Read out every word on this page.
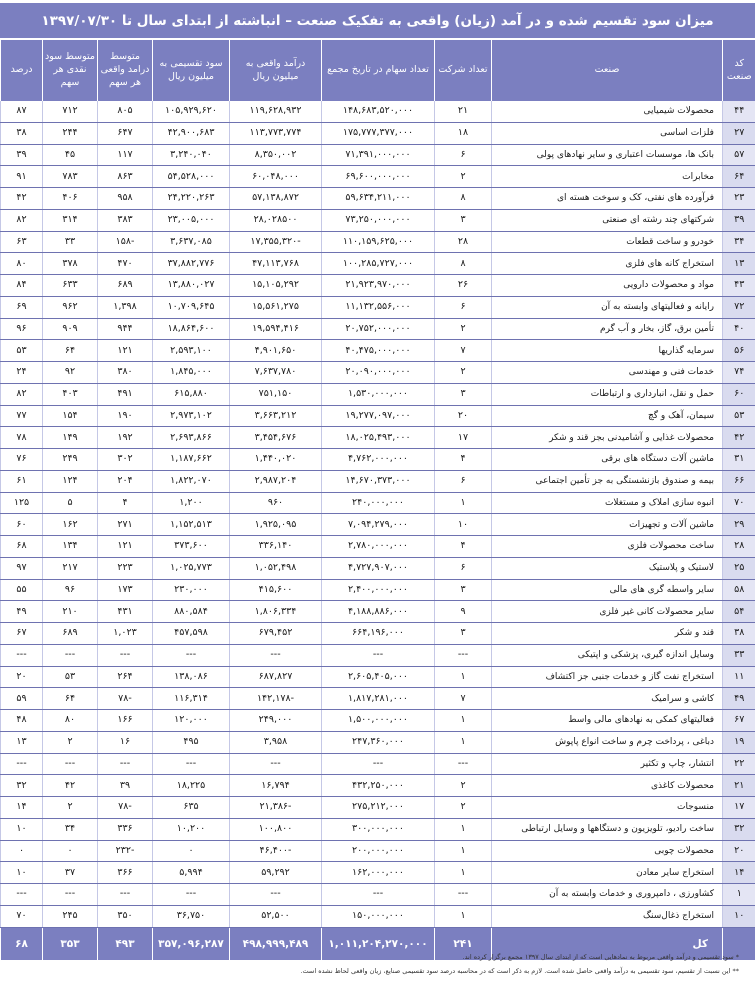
میزان سود تقسیم شده و در آمد (زیان) واقعی به تفکیک صنعت – انباشته از ابتدای سال تا ۱۳۹۷/۰۷/۳۰
کد صنعت	صنعت	تعداد شرکت	تعداد سهام در تاریخ مجمع	درآمد واقعی به میلیون ریال	سود تقسیمی به میلیون ریال	متوسط درامد واقعی هر سهم	متوسط سود نقدی هر سهم	درصد
۴۴	محصولات شیمیایی	۲۱	۱۴۸,۶۸۳,۵۲۰,۰۰۰	۱۱۹,۶۲۸,۹۳۲	۱۰۵,۹۲۹,۶۲۰	۸۰۵	۷۱۲	۸۷
۲۷	فلزات اساسی	۱۸	۱۷۵,۷۷۷,۳۷۷,۰۰۰	۱۱۳,۷۷۳,۷۷۴	۴۲,۹۰۰,۶۸۳	۶۴۷	۲۴۴	۳۸
۵۷	بانک ها، موسسات اعتباری و سایر نهادهای پولی	۶	۷۱,۳۹۱,۰۰۰,۰۰۰	۸,۳۵۰,۰۰۲	۳,۲۴۰,۰۴۰	۱۱۷	۴۵	۳۹
۶۴	مخابرات	۲	۶۹,۶۰۰,۰۰۰,۰۰۰	۶۰,۰۴۸,۰۰۰	۵۴,۵۲۸,۰۰۰	۸۶۳	۷۸۳	۹۱
۲۳	فرآورده های نفتی، کک و سوخت هسته ای	۸	۵۹,۶۳۴,۲۱۱,۰۰۰	۵۷,۱۳۸,۸۷۲	۲۴,۲۲۰,۲۶۳	۹۵۸	۴۰۶	۴۲
۳۹	شرکتهای چند رشته ای صنعتی	۳	۷۳,۲۵۰,۰۰۰,۰۰۰	۲۸,۰۲۸۵۰۰	۲۳,۰۰۵,۰۰۰	۳۸۳	۳۱۴	۸۲
۳۴	خودرو و ساخت قطعات	۲۸	۱۱۰,۱۵۹,۶۲۵,۰۰۰	-۱۷,۳۵۵,۳۲۰	۳,۶۳۷,۰۸۵	-۱۵۸	۳۳	۶۳
۱۳	استخراج کانه های فلزی	۸	۱۰۰,۲۸۵,۷۲۷,۰۰۰	۴۷,۱۱۳,۷۶۸	۳۷,۸۸۲,۷۷۶	۴۷۰	۳۷۸	۸۰
۴۳	مواد و محصولات دارویی	۲۶	۲۱,۹۲۳,۹۷۰,۰۰۰	۱۵,۱۰۵,۲۹۲	۱۳,۸۸۰,۰۲۷	۶۸۹	۶۳۳	۸۴
۷۲	رایانه و فعالیتهای وابسته به آن	۶	۱۱,۱۳۲,۵۵۶,۰۰۰	۱۵,۵۶۱,۲۷۵	۱۰,۷۰۹,۶۴۵	۱,۳۹۸	۹۶۲	۶۹
۴۰	تأمین برق، گاز، بخار و آب گرم	۲	۲۰,۷۵۲,۰۰۰,۰۰۰	۱۹,۵۹۴,۴۱۶	۱۸,۸۶۴,۶۰۰	۹۴۴	۹۰۹	۹۶
۵۶	سرمایه گذاریها	۷	۴۰,۴۷۵,۰۰۰,۰۰۰	۴,۹۰۱,۶۵۰	۲,۵۹۳,۱۰۰	۱۲۱	۶۴	۵۳
۷۴	خدمات فنی و مهندسی	۲	۲۰,۰۹۰,۰۰۰,۰۰۰	۷,۶۳۷,۷۸۰	۱,۸۴۵,۰۰۰	۳۸۰	۹۲	۲۴
۶۰	حمل و نقل، انبارداری و ارتباطات	۳	۱,۵۳۰,۰۰۰,۰۰۰	۷۵۱,۱۵۰	۶۱۵,۸۸۰	۴۹۱	۴۰۳	۸۲
۵۳	سیمان، آهک و گچ	۲۰	۱۹,۲۷۷,۰۹۷,۰۰۰	۳,۶۶۳,۲۱۲	۲,۹۷۳,۱۰۲	۱۹۰	۱۵۴	۷۷
۴۲	محصولات غذایی و آشامیدنی بجز قند و شکر	۱۷	۱۸,۰۲۵,۴۹۳,۰۰۰	۳,۴۵۴,۶۷۶	۲,۶۹۳,۸۶۶	۱۹۲	۱۴۹	۷۸
۳۱	ماشین آلات دستگاه های برقی	۴	۴,۷۶۲,۰۰۰,۰۰۰	۱,۴۴۰,۰۲۰	۱,۱۸۷,۶۶۲	۳۰۲	۲۴۹	۷۶
۶۶	بیمه و صندوق بازنشستگی به جز تأمین اجتماعی	۶	۱۴,۶۷۰,۳۷۳,۰۰۰	۲,۹۸۷,۲۰۴	۱,۸۲۲,۰۷۰	۲۰۴	۱۲۴	۶۱
۷۰	انبوه سازی املاک و مستغلات	۱	۲۴۰,۰۰۰,۰۰۰	۹۶۰	۱,۲۰۰	۴	۵	۱۲۵
۲۹	ماشین آلات و تجهیزات	۱۰	۷,۰۹۴,۲۷۹,۰۰۰	۱,۹۲۵,۰۹۵	۱,۱۵۲,۵۱۳	۲۷۱	۱۶۲	۶۰
۲۸	ساخت محصولات فلزی	۴	۲,۷۸۰,۰۰۰,۰۰۰	۳۳۶,۱۴۰	۳۷۳,۶۰۰	۱۲۱	۱۳۴	۶۸
۲۵	لاستیک و پلاستیک	۶	۴,۷۲۷,۹۰۷,۰۰۰	۱,۰۵۲,۴۹۸	۱,۰۲۵,۷۷۳	۲۲۳	۲۱۷	۹۷
۵۸	سایر واسطه گری های مالی	۳	۲,۴۰۰,۰۰۰,۰۰۰	۴۱۵,۶۰۰	۲۳۰,۰۰۰	۱۷۳	۹۶	۵۵
۵۴	سایر محصولات کانی غیر فلزی	۹	۴,۱۸۸,۸۸۶,۰۰۰	۱,۸۰۶,۳۳۴	۸۸۰,۵۸۴	۴۳۱	۲۱۰	۴۹
۳۸	قند و شکر	۳	۶۶۴,۱۹۶,۰۰۰	۶۷۹,۴۵۲	۴۵۷,۵۹۸	۱,۰۲۳	۶۸۹	۶۷
۳۳	وسایل اندازه گیری، پزشکی و اپتیکی	---	---	---	---	---	---	---
۱۱	استخراج نفت گاز و خدمات جنبی جز اکتشاف	۱	۲,۶۰۵,۴۰۵,۰۰۰	۶۸۷,۸۲۷	۱۳۸,۰۸۶	۲۶۴	۵۳	۲۰
۴۹	کاشی و سرامیک	۷	۱,۸۱۷,۲۸۱,۰۰۰	-۱۴۲,۱۷۸	۱۱۶,۳۱۴	-۷۸	۶۴	۵۹
۶۷	فعالیتهای کمکی به نهادهای مالی واسط	۱	۱,۵۰۰,۰۰۰,۰۰۰	۲۴۹,۰۰۰	۱۲۰,۰۰۰	۱۶۶	۸۰	۴۸
۱۹	دباغی ، پرداخت چرم و ساخت انواع پاپوش	۱	۲۴۷,۳۶۰,۰۰۰	۳,۹۵۸	۴۹۵	۱۶	۲	۱۳
۲۲	انتشار، چاپ و تکثیر	---	---	---	---	---	---	---
۲۱	محصولات کاغذی	۲	۴۳۲,۲۵۰,۰۰۰	۱۶,۷۹۴	۱۸,۲۲۵	۳۹	۴۲	۳۲
۱۷	منسوجات	۲	۲۷۵,۲۱۲,۰۰۰	-۲۱,۳۸۶	۶۳۵	-۷۸	۲	۱۴
۳۲	ساخت رادیو، تلویزیون و دستگاهها و وسایل ارتباطی	۱	۳۰۰,۰۰۰,۰۰۰	۱۰۰,۸۰۰	۱۰,۲۰۰	۳۳۶	۳۴	۱۰
۲۰	محصولات چوبی	۱	۲۰۰,۰۰۰,۰۰۰	-۴۶,۴۰۰	۰	-۲۳۲	۰	۰
۱۴	استخراج سایر معادن	۱	۱۶۲,۰۰۰,۰۰۰	۵۹,۲۹۲	۵,۹۹۴	۳۶۶	۳۷	۱۰
۱	کشاورزی ، دامپروری و خدمات وابسته به آن	---	---	---	---	---	---	---
۱۰	استخراج ذغال‌سنگ	۱	۱۵۰,۰۰۰,۰۰۰	۵۲,۵۰۰	۳۶,۷۵۰	۳۵۰	۲۴۵	۷۰
	کل	۲۴۱	۱,۰۱۱,۲۰۴,۲۷۰,۰۰۰	۴۹۸,۹۹۹,۴۸۹	۳۵۷,۰۹۶,۲۸۷	۴۹۳	۳۵۳	۶۸
* سود تقسیمی و درآمد واقعی مربوط به نمادهایی است که از ابتدای سال ۱۳۹۷ مجمع برگزار کرده اند.
** این نسبت از تقسیم، سود تقسیمی به درآمد واقعی حاصل شده است. لازم به ذکر است که در محاسبه درصد سود تقسیمی صنایع، زیان واقعی لحاظ نشده است.
